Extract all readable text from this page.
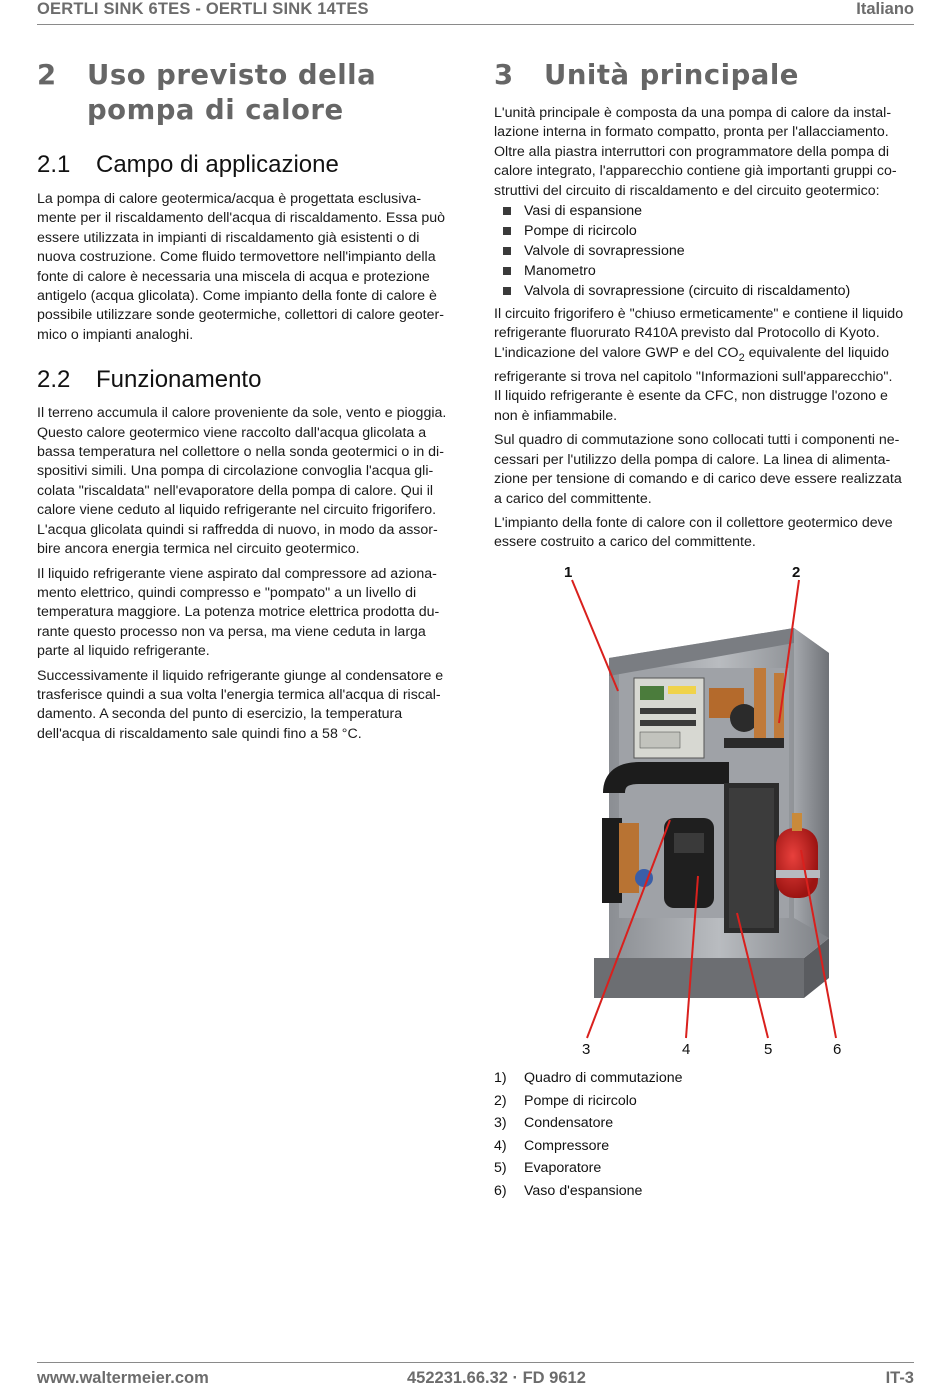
OERTLI SINK 6TES - OERTLI SINK 14TES	Italiano
2	Uso previsto della
pompa di calore
2.1	Campo di applicazione

La pompa di calore geotermica/acqua è progettata esclusiva-
mente per il riscaldamento dell'acqua di riscaldamento. Essa può
essere utilizzata in impianti di riscaldamento già esistenti o di
nuova costruzione. Come fluido termovettore nell'impianto della
fonte di calore è necessaria una miscela di acqua e protezione
antigelo (acqua glicolata). Come impianto della fonte di calore è
possibile utilizzare sonde geotermiche, collettori di calore geoter-
mico o impianti analoghi.

2.2	Funzionamento

Il terreno accumula il calore proveniente da sole, vento e pioggia.
Questo calore geotermico viene raccolto dall'acqua glicolata a
bassa temperatura nel collettore o nella sonda geotermici o in di-
spositivi simili. Una pompa di circolazione convoglia l'acqua gli-
colata "riscaldata" nell'evaporatore della pompa di calore. Qui il
calore viene ceduto al liquido refrigerante nel circuito frigorifero.
L'acqua glicolata quindi si raffredda di nuovo, in modo da assor-
bire ancora energia termica nel circuito geotermico.

Il liquido refrigerante viene aspirato dal compressore ad aziona-
mento elettrico, quindi compresso e "pompato" a un livello di
temperatura maggiore. La potenza motrice elettrica prodotta du-
rante questo processo non va persa, ma viene ceduta in larga
parte al liquido refrigerante.

Successivamente il liquido refrigerante giunge al condensatore e
trasferisce quindi a sua volta l'energia termica all'acqua di riscal-
damento. A seconda del punto di esercizio, la temperatura
dell'acqua di riscaldamento sale quindi fino a 58 °C.

3	Unità principale

L'unità principale è composta da una pompa di calore da instal-
lazione interna in formato compatto, pronta per l'allacciamento.
Oltre alla piastra interruttori con programmatore della pompa di
calore integrato, l'apparecchio contiene già importanti gruppi co-
struttivi del circuito di riscaldamento e del circuito geotermico:

Vasi di espansione
Pompe di ricircolo
Valvole di sovrapressione
Manometro
Valvola di sovrapressione (circuito di riscaldamento)

Il circuito frigorifero è "chiuso ermeticamente" e contiene il liquido
refrigerante fluorurato R410A previsto dal Protocollo di Kyoto.
L'indicazione del valore GWP e del $CO_2$ equivalente del liquido
refrigerante si trova nel capitolo "Informazioni sull'apparecchio".
Il liquido refrigerante è esente da CFC, non distrugge l'ozono e
non è infiammabile.

Sul quadro di commutazione sono collocati tutti i componenti ne-
cessari per l'utilizzo della pompa di calore. La linea di alimenta-
zione per tensione di comando e di carico deve essere realizzata
a carico del committente.

L'impianto della fonte di calore con il collettore geotermico deve
essere costruito a carico del committente.

1	2
3	4	5	6
1)	Quadro di commutazione
2)	Pompe di ricircolo
3)	Condensatore
4)	Compressore
5)	Evaporatore
6)	Vaso d'espansione
www.waltermeier.com	452231.66.32 · FD 9612	IT-3
